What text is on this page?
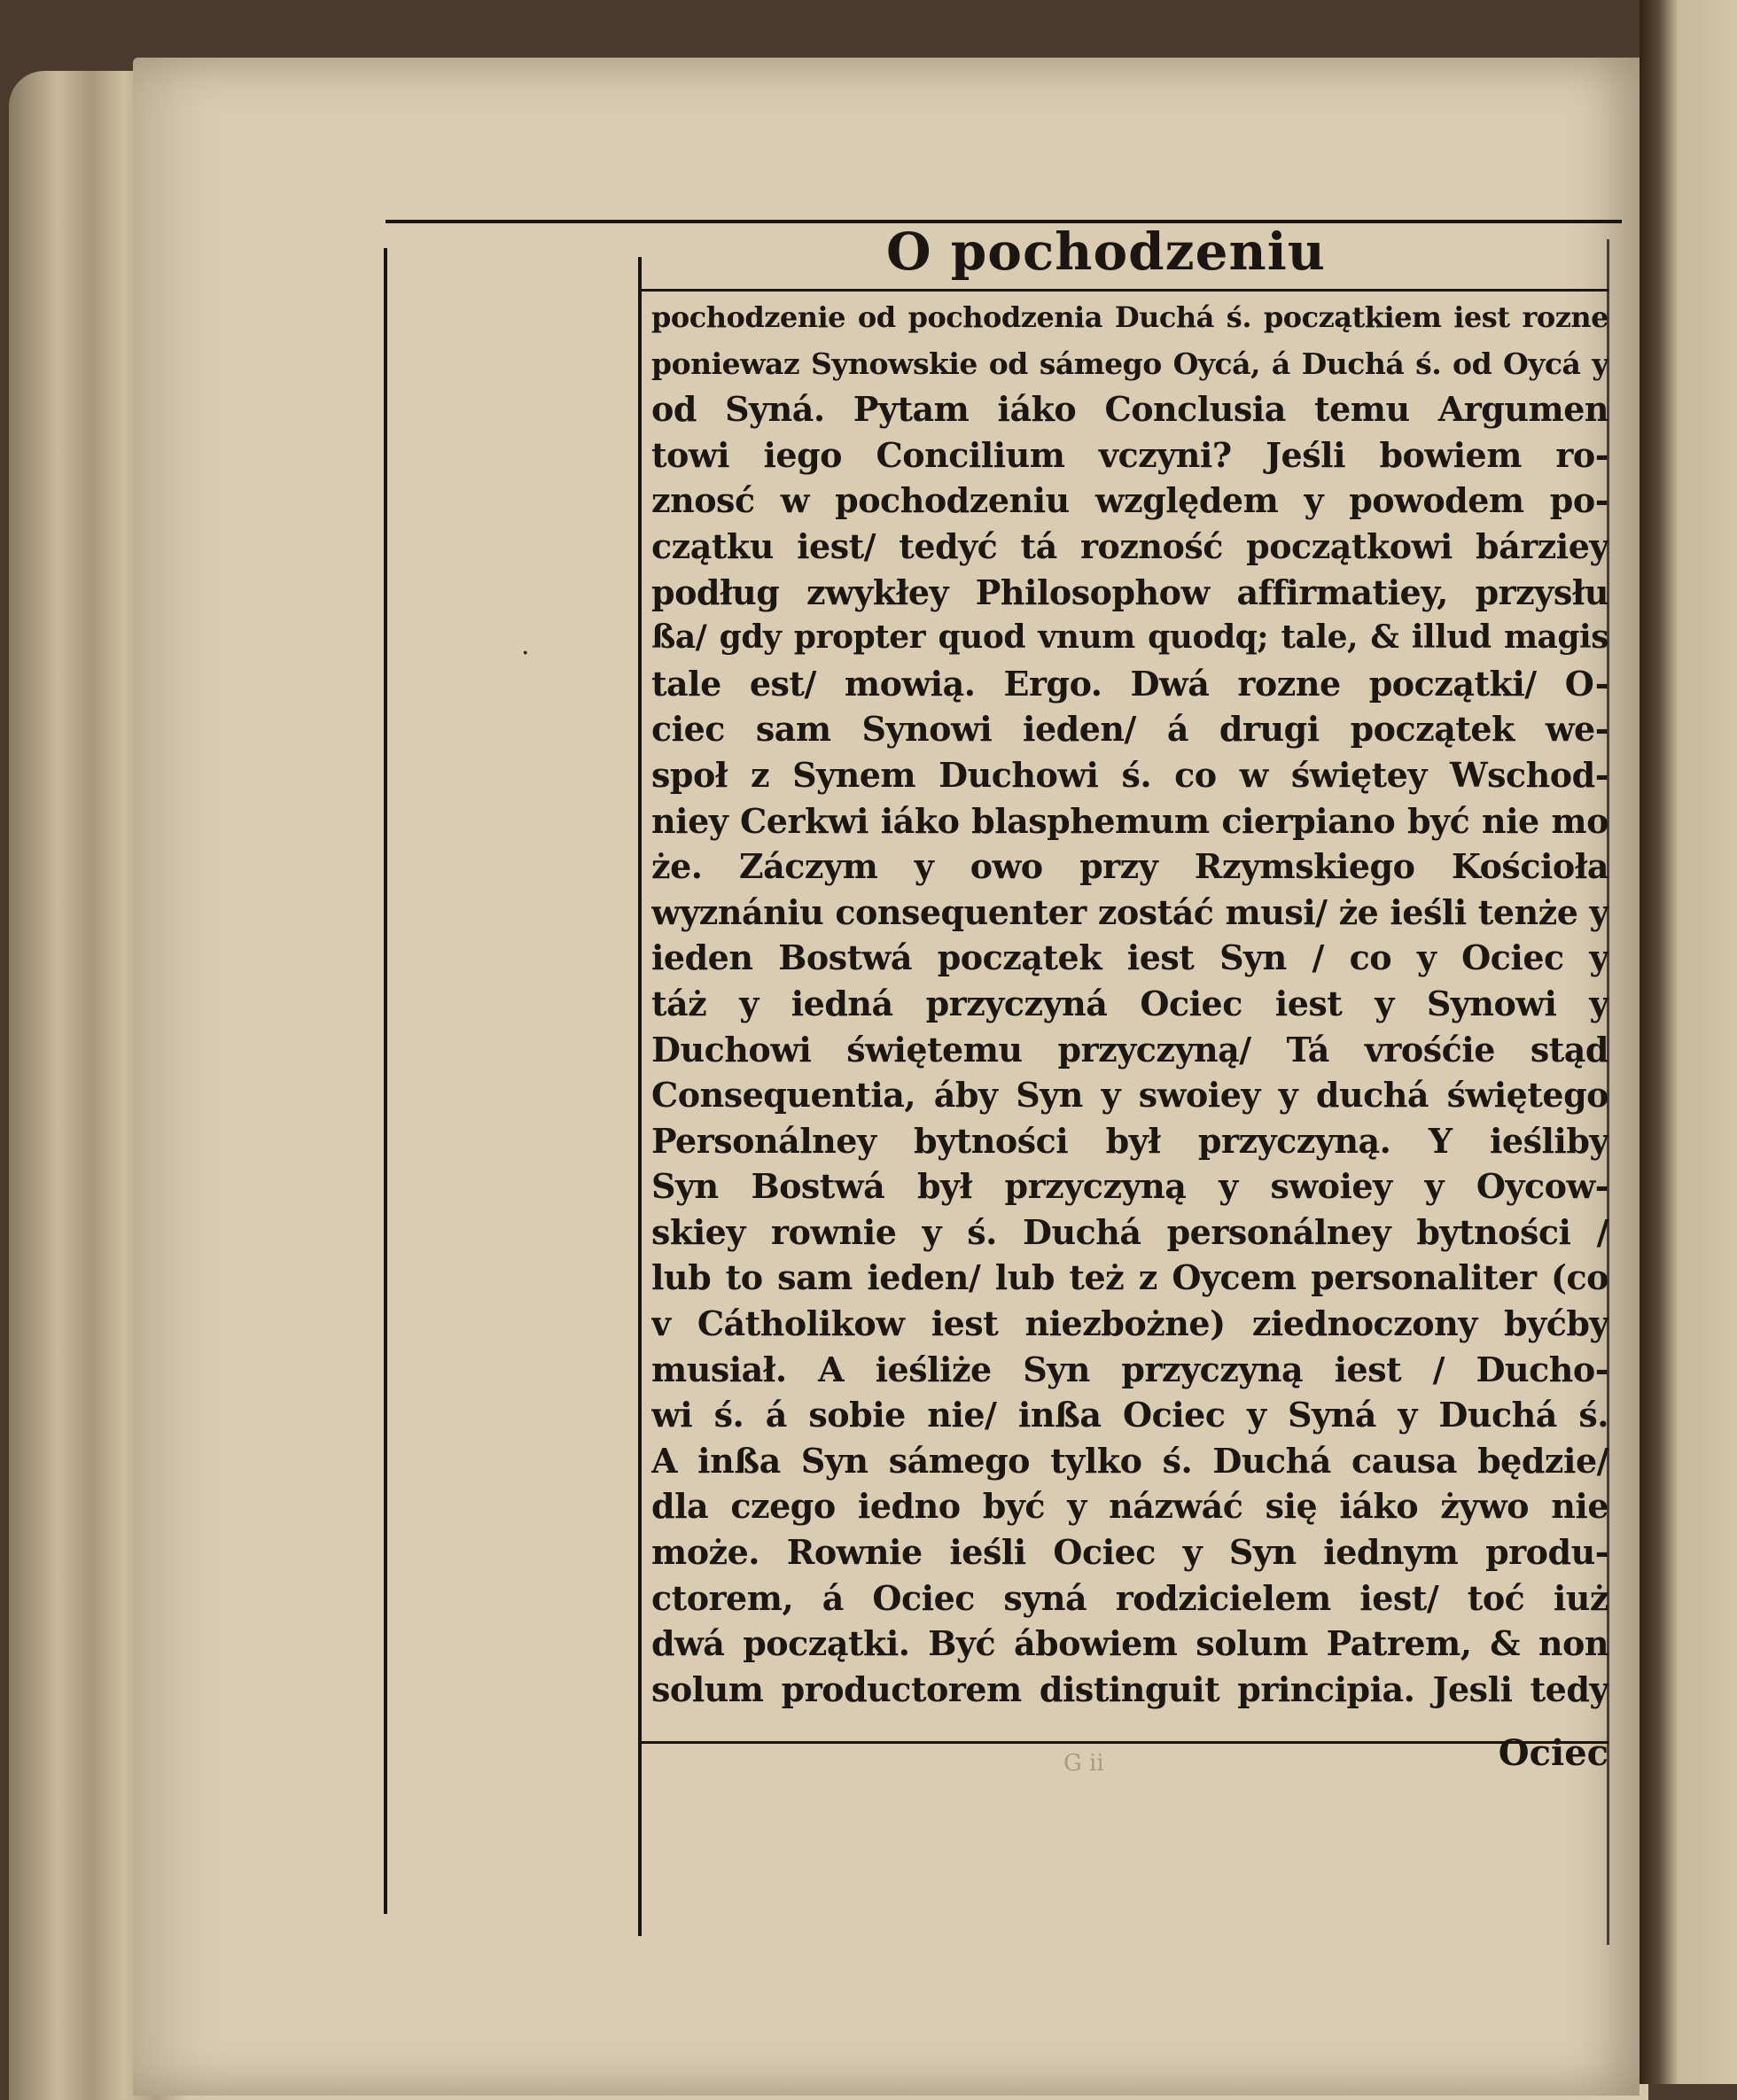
O pochodzeniu
·
pochodzenie od pochodzenia Duchá ś. początkiem iest rozne
poniewaz Synowskie od sámego Oycá, á Duchá ś. od Oycá y
od Syná. Pytam iáko Conclusia temu Argumen
towi iego Concilium vczyni? Jeśli bowiem ro-
znosć w pochodzeniu względem y powodem po-
czątku iest/ tedyć tá rozność początkowi bárziey
podług zwykłey Philosophow affirmatiey, przysłu
ßa/ gdy propter quod vnum quodq; tale, & illud magis
tale est/ mowią. Ergo. Dwá rozne początki/ O-
ciec sam Synowi ieden/ á drugi początek we-
społ z Synem Duchowi ś. co w świętey Wschod-
niey Cerkwi iáko blasphemum cierpiano być nie mo
że. Záczym y owo przy Rzymskiego Kościoła
wyznániu consequenter zostáć musi/ że ieśli tenże y
ieden Bostwá początek iest Syn / co y Ociec y
táż y iedná przyczyná Ociec iest y Synowi y
Duchowi świętemu przyczyną/ Tá vrośćie stąd
Consequentia, áby Syn y swoiey y duchá świętego
Personálney bytności był przyczyną. Y ieśliby
Syn Bostwá był przyczyną y swoiey y Oycow-
skiey rownie y ś. Duchá personálney bytności /
lub to sam ieden/ lub też z Oycem personaliter (co
v Cátholikow iest niezbożne) ziednoczony byćby
musiał. A ieśliże Syn przyczyną iest / Ducho-
wi ś. á sobie nie/ inßa Ociec y Syná y Duchá ś.
A inßa Syn sámego tylko ś. Duchá causa będzie/
dla czego iedno być y názwáć się iáko żywo nie
może. Rownie ieśli Ociec y Syn iednym produ-
ctorem, á Ociec syná rodzicielem iest/ toć iuż
dwá początki. Być ábowiem solum Patrem, & non
solum productorem distinguit principia. Jesli tedy
G ii	Ociec
